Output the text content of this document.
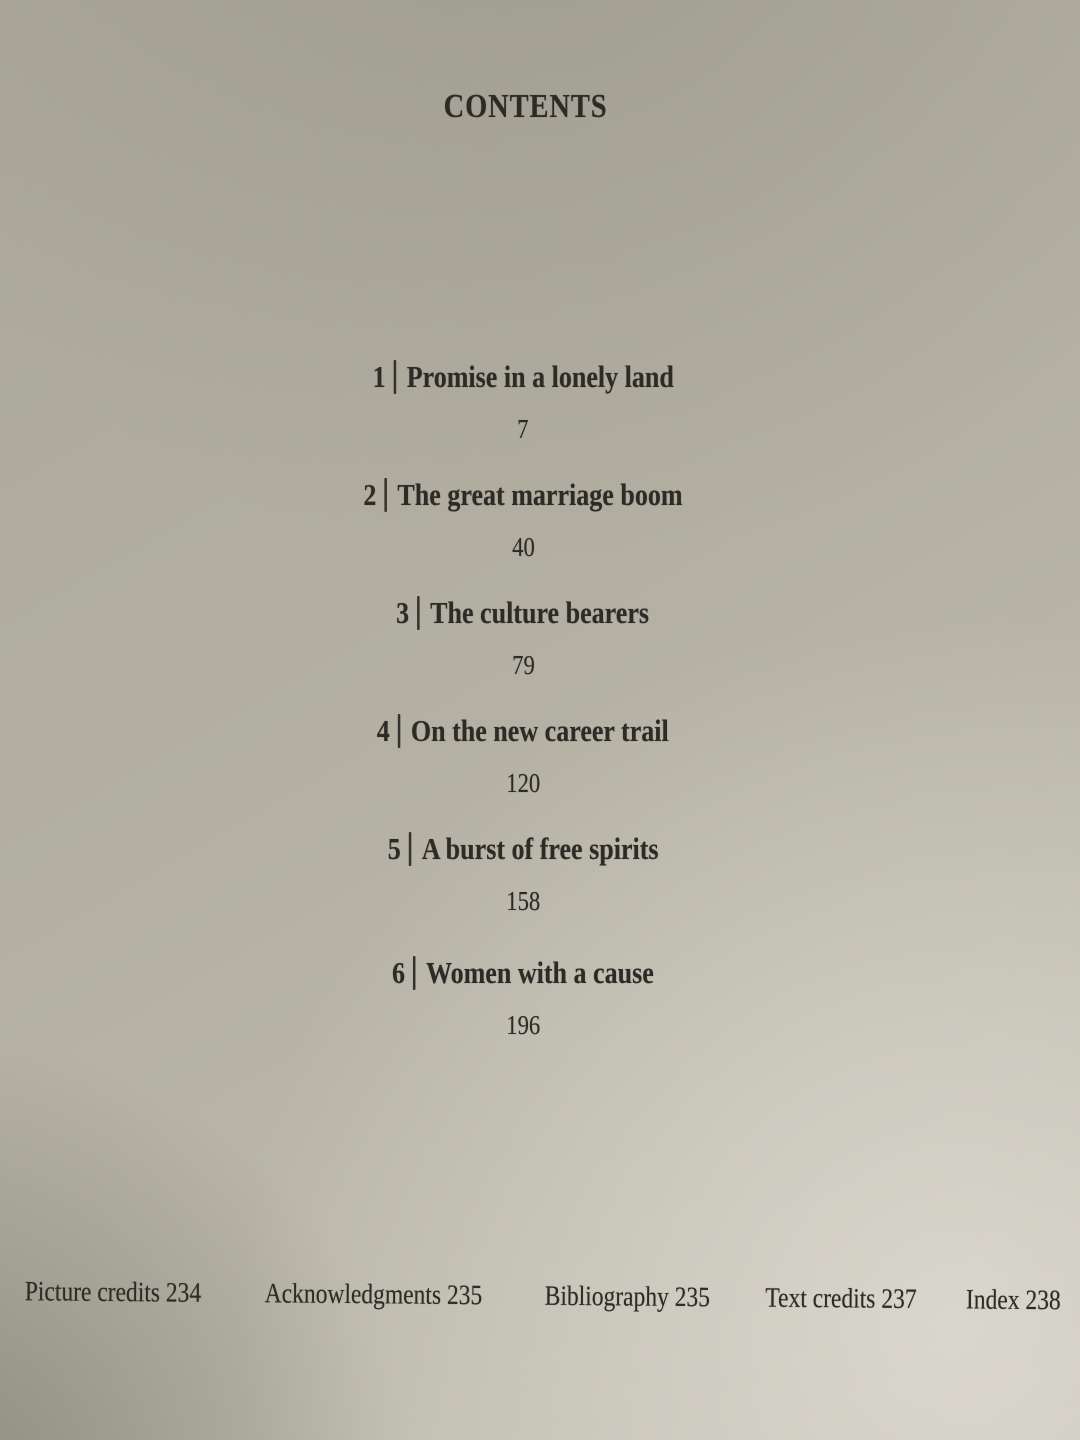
CONTENTS
1 Promise in a lonely land
7
2 The great marriage boom
40
3 The culture bearers
79
4 On the new career trail
120
5 A burst of free spirits
158
6 Women with a cause
196
Picture credits 234 Acknowledgments 235 Bibliography 235 Text credits 237 Index 238
